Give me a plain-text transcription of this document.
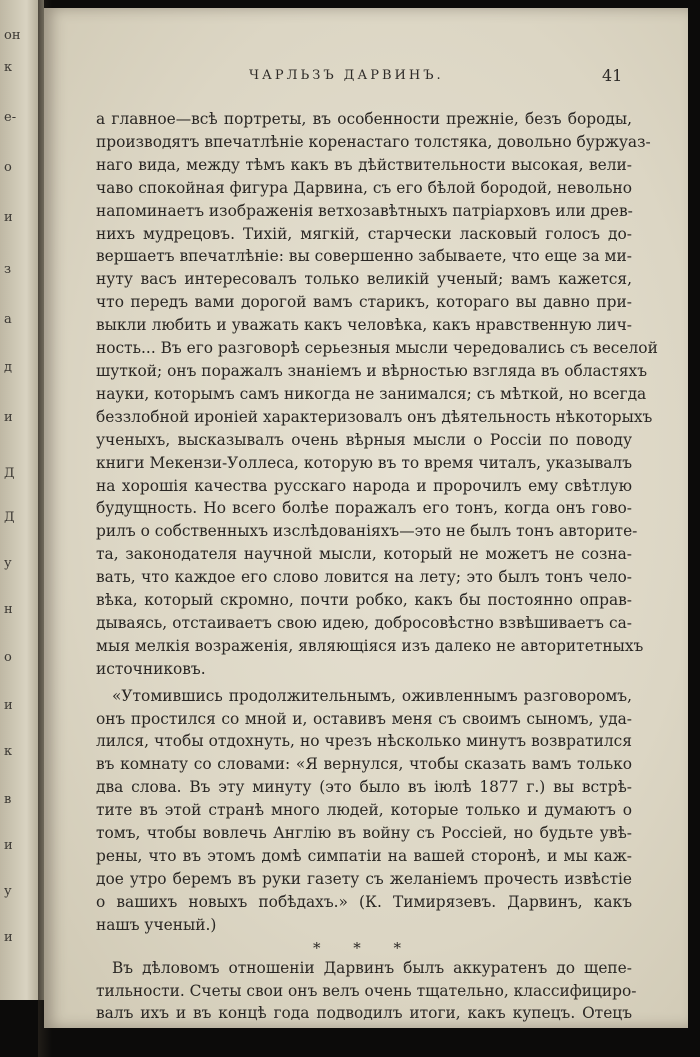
он
к
е-
о
и
з
а
д
и
Д
Д
у
н
о
и
к
в
и
у
и
ЧАРЛЬЗЪ ДАРВИНЪ.	41
а главное—всѣ портреты, въ особенности прежніе, безъ бороды,
производятъ впечатлѣніе коренастаго толстяка, довольно буржуаз-
наго вида, между тѣмъ какъ въ дѣйствительности высокая, вели-
чаво спокойная фигура Дарвина, съ его бѣлой бородой, невольно
напоминаетъ изображенія ветхозавѣтныхъ патріарховъ или древ-
нихъ мудрецовъ. Тихій, мягкій, старчески ласковый голосъ до-
вершаетъ впечатлѣніе: вы совершенно забываете, что еще за ми-
нуту васъ интересовалъ только великій ученый; вамъ кажется,
что передъ вами дорогой вамъ старикъ, котораго вы давно при-
выкли любить и уважать какъ человѣка, какъ нравственную лич-
ность... Въ его разговорѣ серьезныя мысли чередовались съ веселой
шуткой; онъ поражалъ знаніемъ и вѣрностью взгляда въ областяхъ
науки, которымъ самъ никогда не занимался; съ мѣткой, но всегда
беззлобной ироніей характеризовалъ онъ дѣятельность нѣкоторыхъ
ученыхъ, высказывалъ очень вѣрныя мысли о Россіи по поводу
книги Мекензи-Уоллеса, которую въ то время читалъ, указывалъ
на хорошія качества русскаго народа и пророчилъ ему свѣтлую
будущность. Но всего болѣе поражалъ его тонъ, когда онъ гово-
рилъ о собственныхъ изслѣдованіяхъ—это не былъ тонъ авторите-
та, законодателя научной мысли, который не можетъ не созна-
вать, что каждое его слово ловится на лету; это былъ тонъ чело-
вѣка, который скромно, почти робко, какъ бы постоянно оправ-
дываясь, отстаиваетъ свою идею, добросовѣстно взвѣшиваетъ са-
мыя мелкія возраженія, являющіяся изъ далеко не авторитетныхъ
источниковъ.
«Утомившись продолжительнымъ, оживленнымъ разговоромъ,
онъ простился со мной и, оставивъ меня съ своимъ сыномъ, уда-
лился, чтобы отдохнуть, но чрезъ нѣсколько минутъ возвратился
въ комнату со словами: «Я вернулся, чтобы сказать вамъ только
два слова. Въ эту минуту (это было въ іюлѣ 1877 г.) вы встрѣ-
тите въ этой странѣ много людей, которые только и думаютъ о
томъ, чтобы вовлечь Англію въ войну съ Россіей, но будьте увѣ-
рены, что въ этомъ домѣ симпатіи на вашей сторонѣ, и мы каж-
дое утро беремъ въ руки газету съ желаніемъ прочесть извѣстіе
о вашихъ новыхъ побѣдахъ.» (К. Тимирязевъ. Дарвинъ, какъ
нашъ ученый.)
* * *
Въ дѣловомъ отношеніи Дарвинъ былъ аккуратенъ до щепе-
тильности. Счеты свои онъ велъ очень тщательно, классифициро-
валъ ихъ и въ концѣ года подводилъ итоги, какъ купецъ. Отецъ
